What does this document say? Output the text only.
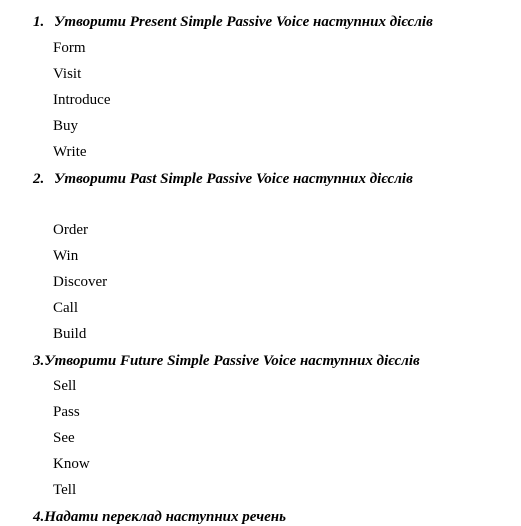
1. Утворити Present Simple Passive Voice наступних дієслів
Form
Visit
Introduce
Buy
Write
2. Утворити Past Simple Passive Voice наступних дієслів
Order
Win
Discover
Call
Build
3.Утворити Future Simple Passive Voice наступних дієслів
Sell
Pass
See
Know
Tell
4.Надати переклад наступних речень
